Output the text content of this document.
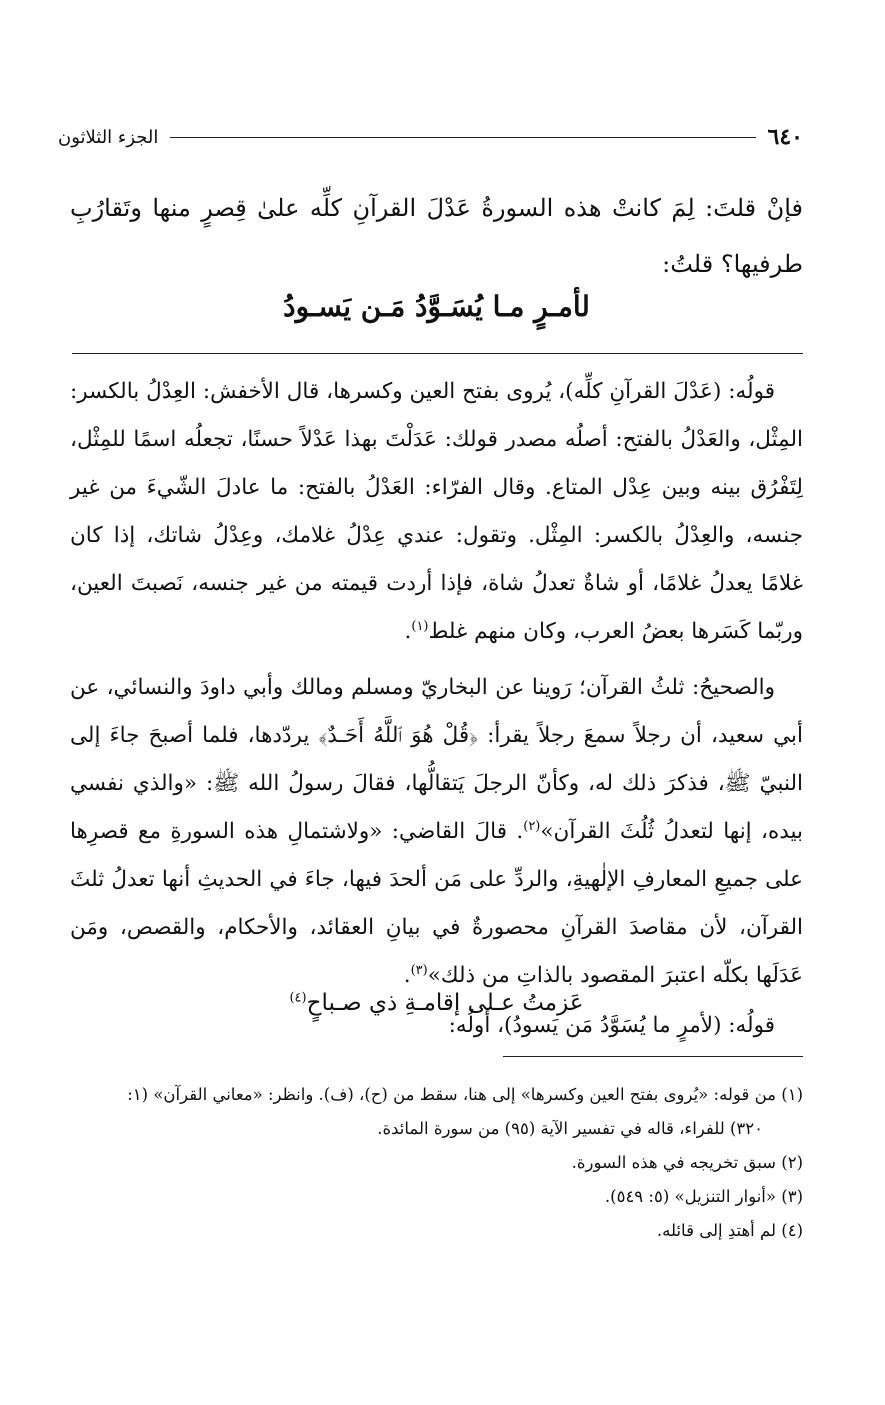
٦٤٠
الجزء الثلاثون
فإنْ قلتَ: لِمَ كانتْ هذه السورةُ عَدْلَ القرآنِ كلِّه علىٰ قِصرٍ منها وتَقارُبِ طرفيها؟ قلتُ:
لأمـرٍ مـا يُسَـوَّدُ مَـن يَسـودُ

قولُه: (عَدْلَ القرآنِ كلِّه)، يُروى بفتح العين وكسرها، قال الأخفش: العِدْلُ بالكسر: المِثْل، والعَدْلُ بالفتح: أصلُه مصدر قولك: عَدَلْتَ بهذا عَدْلاً حسنًا، تجعلُه اسمًا للمِثْل، لِتَفْرُق بينه وبين عِدْل المتاع. وقال الفرّاء: العَدْلُ بالفتح: ما عادلَ الشّيءَ من غير جنسه، والعِدْلُ بالكسر: المِثْل. وتقول: عندي عِدْلُ غلامك، وعِدْلُ شاتك، إذا كان غلامًا يعدلُ غلامًا، أو شاةٌ تعدلُ شاة، فإذا أردت قيمته من غير جنسه، نَصبتَ العين، وربّما كَسَرها بعضُ العرب، وكان منهم غلط$^{(١)}$.

والصحيحُ: ثلثُ القرآن؛ رَوينا عن البخاريّ ومسلم ومالك وأبي داودَ والنسائي، عن أبي سعيد، أن رجلاً سمعَ رجلاً يقرأ: ﴿قُلْ هُوَ ٱللَّهُ أَحَـدٌ﴾ يردّدها، فلما أصبحَ جاءَ إلى النبيّ ﷺ، فذكرَ ذلك له، وكأنّ الرجلَ يَتقالُّها، فقالَ رسولُ الله ﷺ: «والذي نفسي بيده، إنها لتعدلُ ثُلُثَ القرآن»$^{(٢)}$. قالَ القاضي: «ولاشتمالِ هذه السورةِ مع قصرِها على جميعِ المعارفِ الإلٰهيةِ، والردِّ على مَن ألحدَ فيها، جاءَ في الحديثِ أنها تعدلُ ثلثَ القرآن، لأن مقاصدَ القرآنِ محصورةٌ في بيانِ العقائد، والأحكام، والقصص، ومَن عَدَلَها بكلّه اعتبرَ المقصود بالذاتِ من ذلك»$^{(٣)}$.

قولُه: (لأمرٍ ما يُسَوَّدُ مَن يَسودُ)، أولُه:

عَزمتُ عـلى إقامـةِ ذي صـباحٍ$^{(٤)}$
(١) من قوله: «يُروى بفتح العين وكسرها» إلى هنا، سقط من (ح)، (ف). وانظر: «معاني القرآن» (١:
٣٢٠) للفراء، قاله في تفسير الآية (٩٥) من سورة المائدة.
(٢) سبق تخريجه في هذه السورة.
(٣) «أنوار التنزيل» (٥: ٥٤٩).
(٤) لم أهتدِ إلى قائله.
